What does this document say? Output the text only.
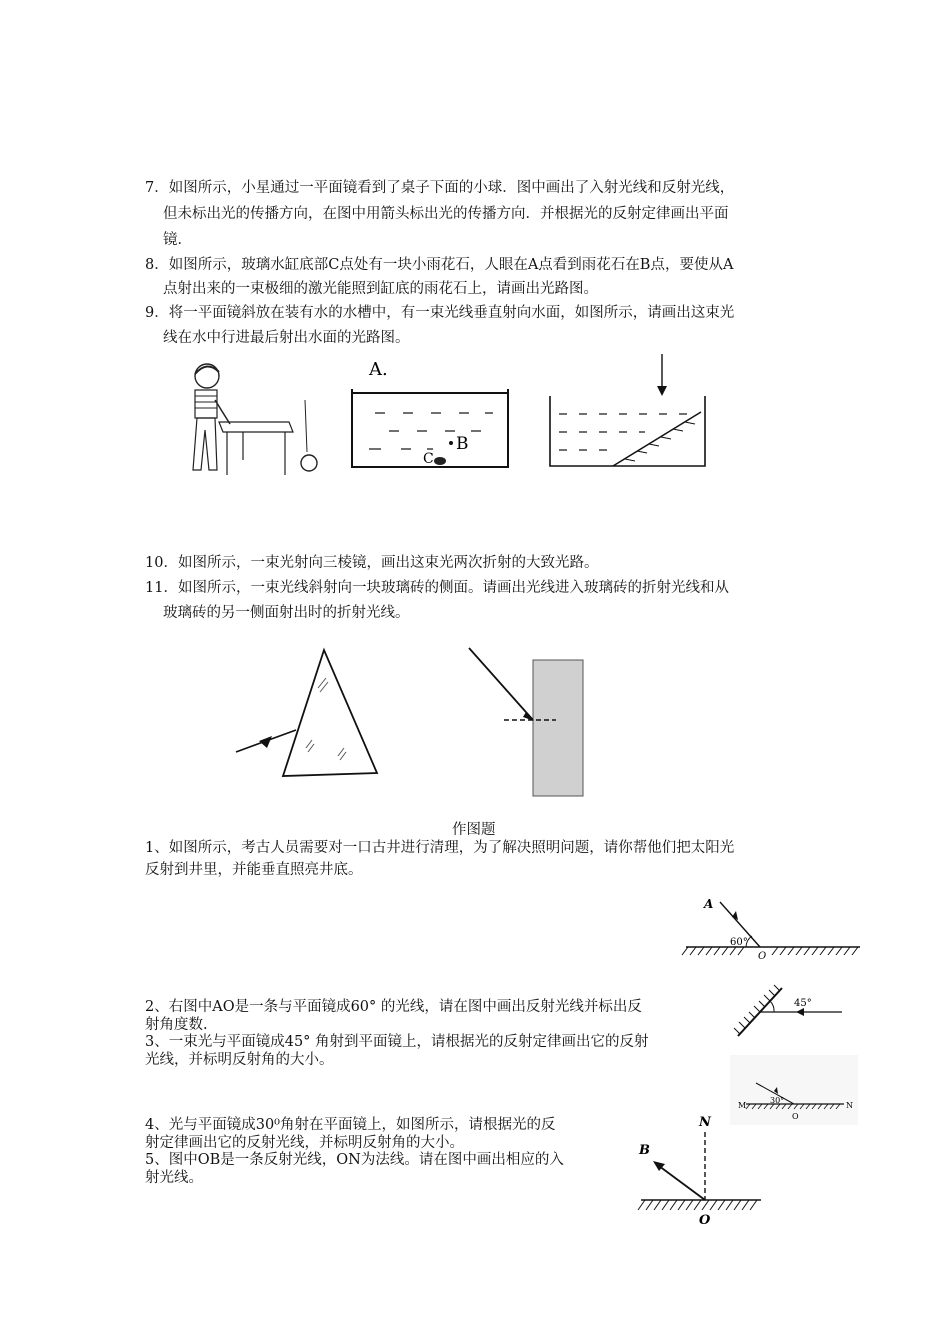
7．如图所示，小星通过一平面镜看到了桌子下面的小球．图中画出了入射光线和反射光线，
但未标出光的传播方向，在图中用箭头标出光的传播方向．并根据光的反射定律画出平面
镜．
8．如图所示，玻璃水缸底部C点处有一块小雨花石，人眼在A点看到雨花石在B点，要使从A
点射出来的一束极细的激光能照到缸底的雨花石上，请画出光路图。
9．将一平面镜斜放在装有水的水槽中，有一束光线垂直射向水面，如图所示，请画出这束光
线在水中行进最后射出水面的光路图。
A.
B
C
10．如图所示，一束光射向三棱镜，画出这束光两次折射的大致光路。
11．如图所示，一束光线斜射向一块玻璃砖的侧面。请画出光线进入玻璃砖的折射光线和从
玻璃砖的另一侧面射出时的折射光线。
作图题
1、如图所示，考古人员需要对一口古井进行清理，为了解决照明问题，请你帮他们把太阳光
反射到井里，并能垂直照亮井底。
A
60°
O
2、右图中AO是一条与平面镜成60° 的光线，请在图中画出反射光线并标出反
射角度数.
3、一束光与平面镜成45° 角射到平面镜上，请根据光的反射定律画出它的反射
光线，并标明反射角的大小。
45°
M	N
O
30°
4、光与平面镜成30⁰角射在平面镜上，如图所示，请根据光的反
射定律画出它的反射光线，并标明反射角的大小。
5、图中OB是一条反射光线，ON为法线。请在图中画出相应的入
射光线。
N
B
O
